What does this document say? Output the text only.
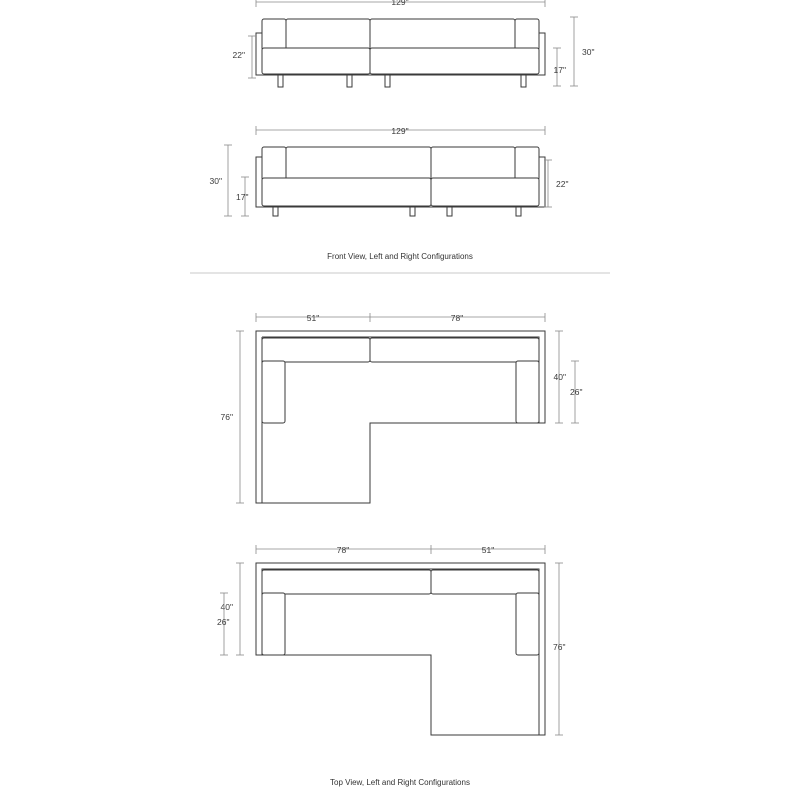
129"
22"	30"
17"
129"
30"
17"
22"
Front View, Left and Right Configurations
51"	78"
76"
40"
26"
78"	51"
40"
26"
76"
Top View, Left and Right Configurations
